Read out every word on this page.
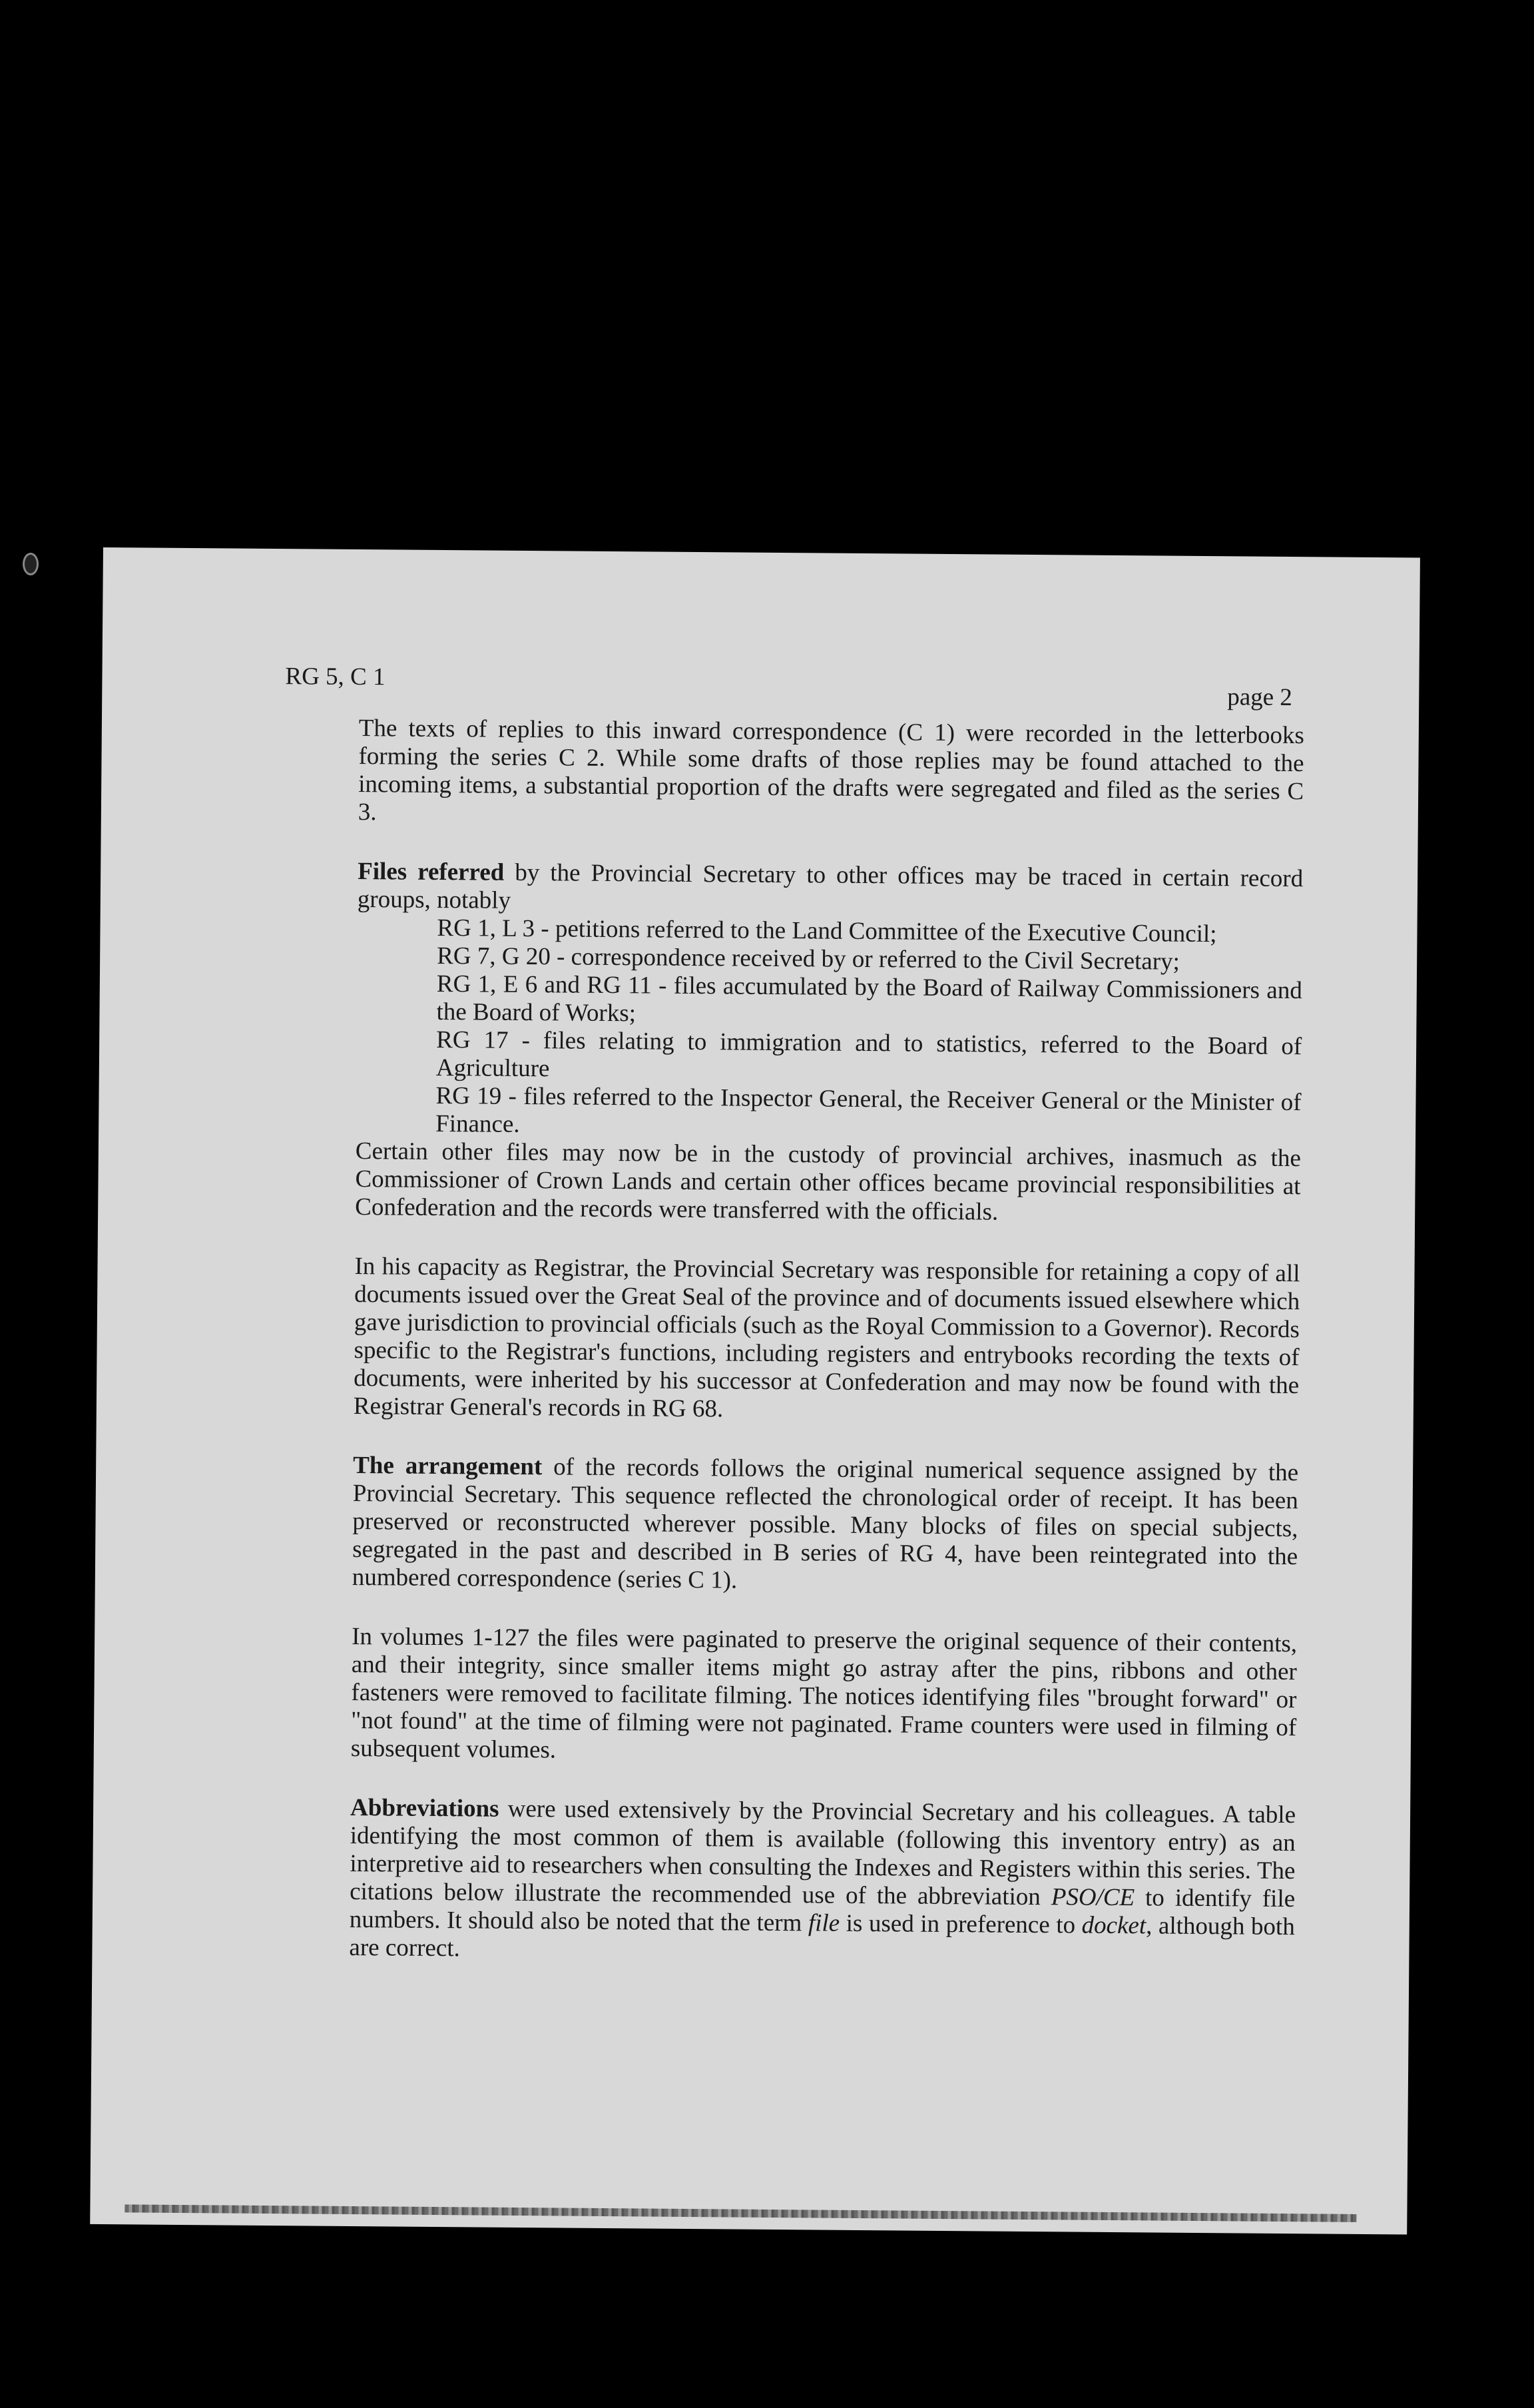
RG 5, C 1
page 2

The texts of replies to this inward correspondence (C 1) were recorded in the letterbooks forming the series C 2. While some drafts of those replies may be found attached to the incoming items, a substantial proportion of the drafts were segregated and filed as the series C 3.

Files referred by the Provincial Secretary to other offices may be traced in certain record groups, notably

RG 1, L 3 - petitions referred to the Land Committee of the Executive Council;

RG 7, G 20 - correspondence received by or referred to the Civil Secretary;

RG 1, E 6 and RG 11 - files accumulated by the Board of Railway Commissioners and the Board of Works;

RG 17 - files relating to immigration and to statistics, referred to the Board of Agriculture

RG 19 - files referred to the Inspector General, the Receiver General or the Minister of Finance.

Certain other files may now be in the custody of provincial archives, inasmuch as the Commissioner of Crown Lands and certain other offices became provincial responsibilities at Confederation and the records were transferred with the officials.

In his capacity as Registrar, the Provincial Secretary was responsible for retaining a copy of all documents issued over the Great Seal of the province and of documents issued elsewhere which gave jurisdiction to provincial officials (such as the Royal Commission to a Governor). Records specific to the Registrar's functions, including registers and entrybooks recording the texts of documents, were inherited by his successor at Confederation and may now be found with the Registrar General's records in RG 68.

The arrangement of the records follows the original numerical sequence assigned by the Provincial Secretary. This sequence reflected the chronological order of receipt. It has been preserved or reconstructed wherever possible. Many blocks of files on special subjects, segregated in the past and described in B series of RG 4, have been reintegrated into the numbered correspondence (series C 1).

In volumes 1-127 the files were paginated to preserve the original sequence of their contents, and their integrity, since smaller items might go astray after the pins, ribbons and other fasteners were removed to facilitate filming. The notices identifying files "brought forward" or "not found" at the time of filming were not paginated. Frame counters were used in filming of subsequent volumes.

Abbreviations were used extensively by the Provincial Secretary and his colleagues. A table identifying the most common of them is available (following this inventory entry) as an interpretive aid to researchers when consulting the Indexes and Registers within this series. The citations below illustrate the recommended use of the abbreviation PSO/CE to identify file numbers. It should also be noted that the term file is used in preference to docket, although both are correct.
